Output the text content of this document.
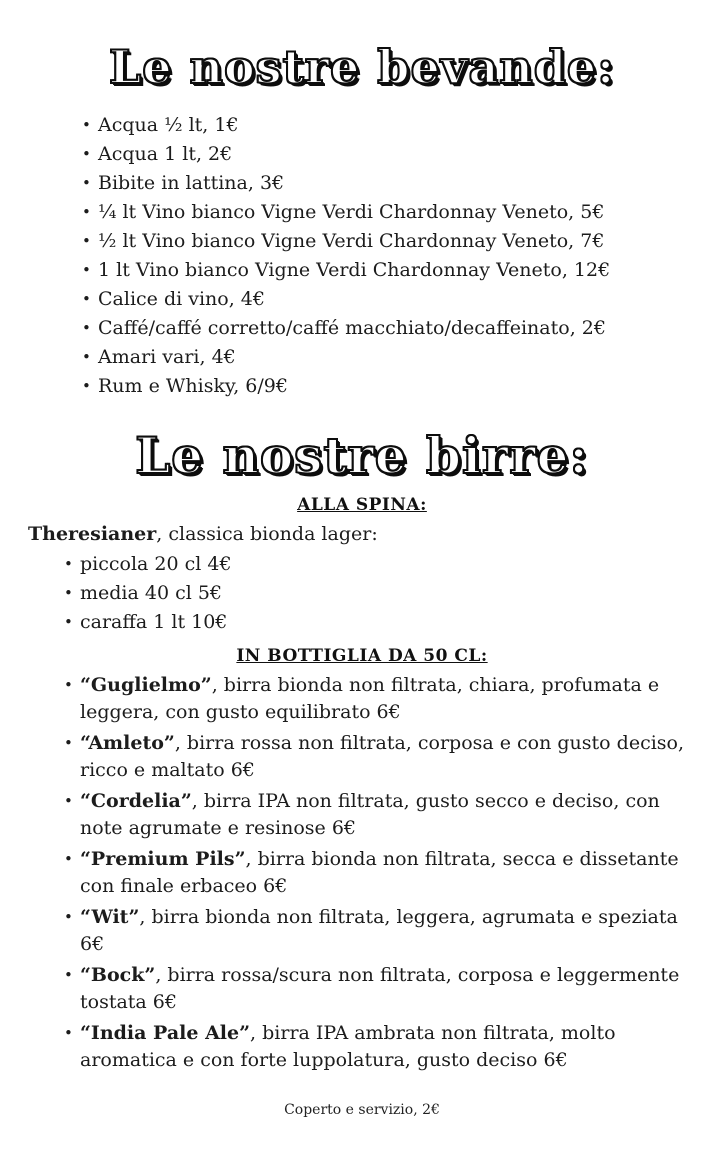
Le nostre bevande:
• Acqua ½ lt, 1€
• Acqua 1 lt, 2€
• Bibite in lattina, 3€
• ¼ lt Vino bianco Vigne Verdi Chardonnay Veneto, 5€
• ½ lt Vino bianco Vigne Verdi Chardonnay Veneto, 7€
• 1 lt Vino bianco Vigne Verdi Chardonnay Veneto, 12€
• Calice di vino, 4€
• Caffé/caffé corretto/caffé macchiato/decaffeinato, 2€
• Amari vari, 4€
• Rum e Whisky, 6/9€
Le nostre birre:
ALLA SPINA:

Theresianer, classica bionda lager:

• piccola 20 cl 4€
• media 40 cl 5€
• caraffa 1 lt 10€
IN BOTTIGLIA DA 50 CL:
• “Guglielmo”, birra bionda non filtrata, chiara, profumata e leggera, con gusto equilibrato 6€
• “Amleto”, birra rossa non filtrata, corposa e con gusto deciso, ricco e maltato 6€
• “Cordelia”, birra IPA non filtrata, gusto secco e deciso, con note agrumate e resinose 6€
• “Premium Pils”, birra bionda non filtrata, secca e dissetante con finale erbaceo 6€
• “Wit”, birra bionda non filtrata, leggera, agrumata e speziata 6€
• “Bock”, birra rossa/scura non filtrata, corposa e leggermente tostata 6€
• “India Pale Ale”, birra IPA ambrata non filtrata, molto aromatica e con forte luppolatura, gusto deciso 6€

Coperto e servizio, 2€
